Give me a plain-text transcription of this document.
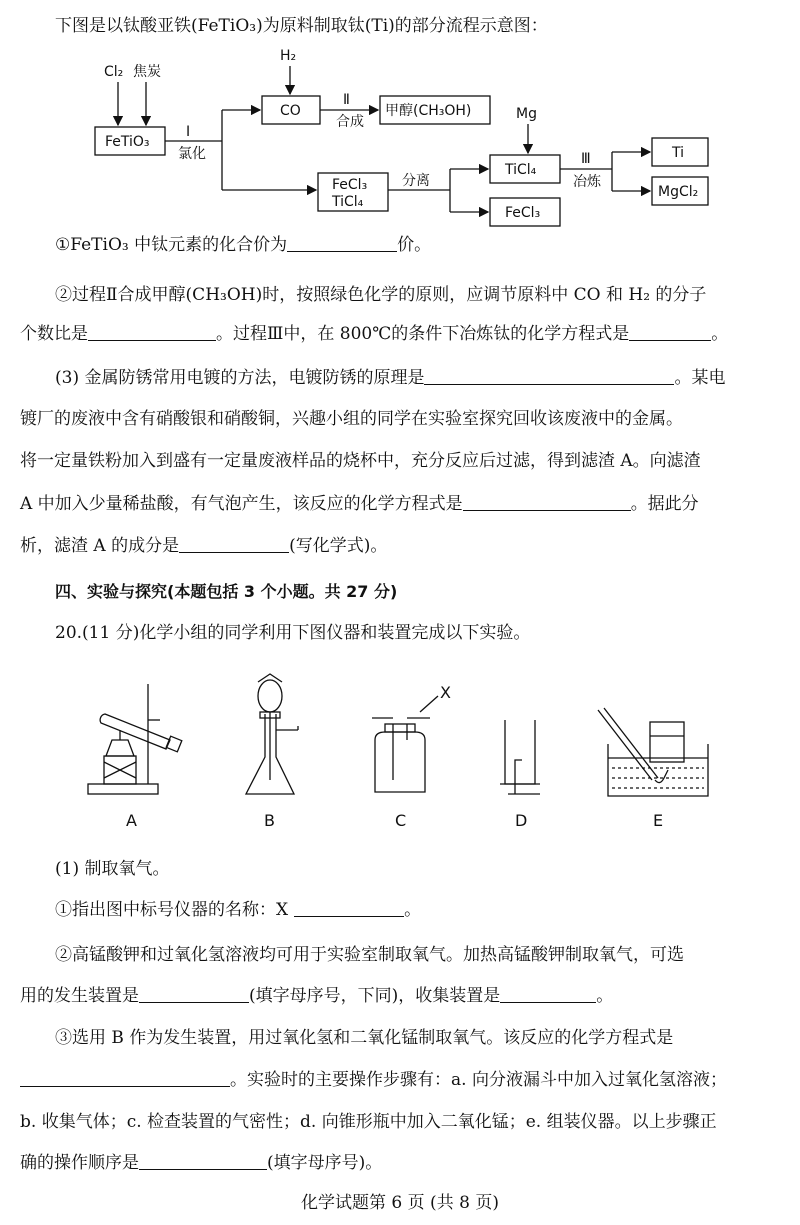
下图是以钛酸亚铁(FeTiO₃)为原料制取钛(Ti)的部分流程示意图：
Cl₂ 焦炭
H₂
Mg
FeTiO₃
CO	甲醇(CH₃OH)
FeCl₃
TiCl₄
TiCl₄
FeCl₃
Ti
MgCl₂
Ⅰ
氯化
Ⅱ
合成
分离
Ⅲ
冶炼
①FeTiO₃ 中钛元素的化合价为	价。
②过程Ⅱ合成甲醇(CH₃OH)时，按照绿色化学的原则，应调节原料中 CO 和 H₂ 的分子
个数比是	。过程Ⅲ中，在 800℃的条件下冶炼钛的化学方程式是	。
(3) 金属防锈常用电镀的方法，电镀防锈的原理是	。某电
镀厂的废液中含有硝酸银和硝酸铜，兴趣小组的同学在实验室探究回收该废液中的金属。
将一定量铁粉加入到盛有一定量废液样品的烧杯中，充分反应后过滤，得到滤渣 A。向滤渣
A 中加入少量稀盐酸，有气泡产生，该反应的化学方程式是	。据此分
析，滤渣 A 的成分是	(写化学式)。
四、实验与探究(本题包括 3 个小题。共 27 分)
20.(11 分)化学小组的同学利用下图仪器和装置完成以下实验。
X
A	B	C	D	E
(1) 制取氧气。
①指出图中标号仪器的名称：X	。
②高锰酸钾和过氧化氢溶液均可用于实验室制取氧气。加热高锰酸钾制取氧气，可选
用的发生装置是	(填字母序号，下同)，收集装置是	。
③选用 B 作为发生装置，用过氧化氢和二氧化锰制取氧气。该反应的化学方程式是
。实验时的主要操作步骤有：a. 向分液漏斗中加入过氧化氢溶液；
b. 收集气体；c. 检查装置的气密性；d. 向锥形瓶中加入二氧化锰；e. 组装仪器。以上步骤正
确的操作顺序是	(填字母序号)。
化学试题第 6 页 (共 8 页)
